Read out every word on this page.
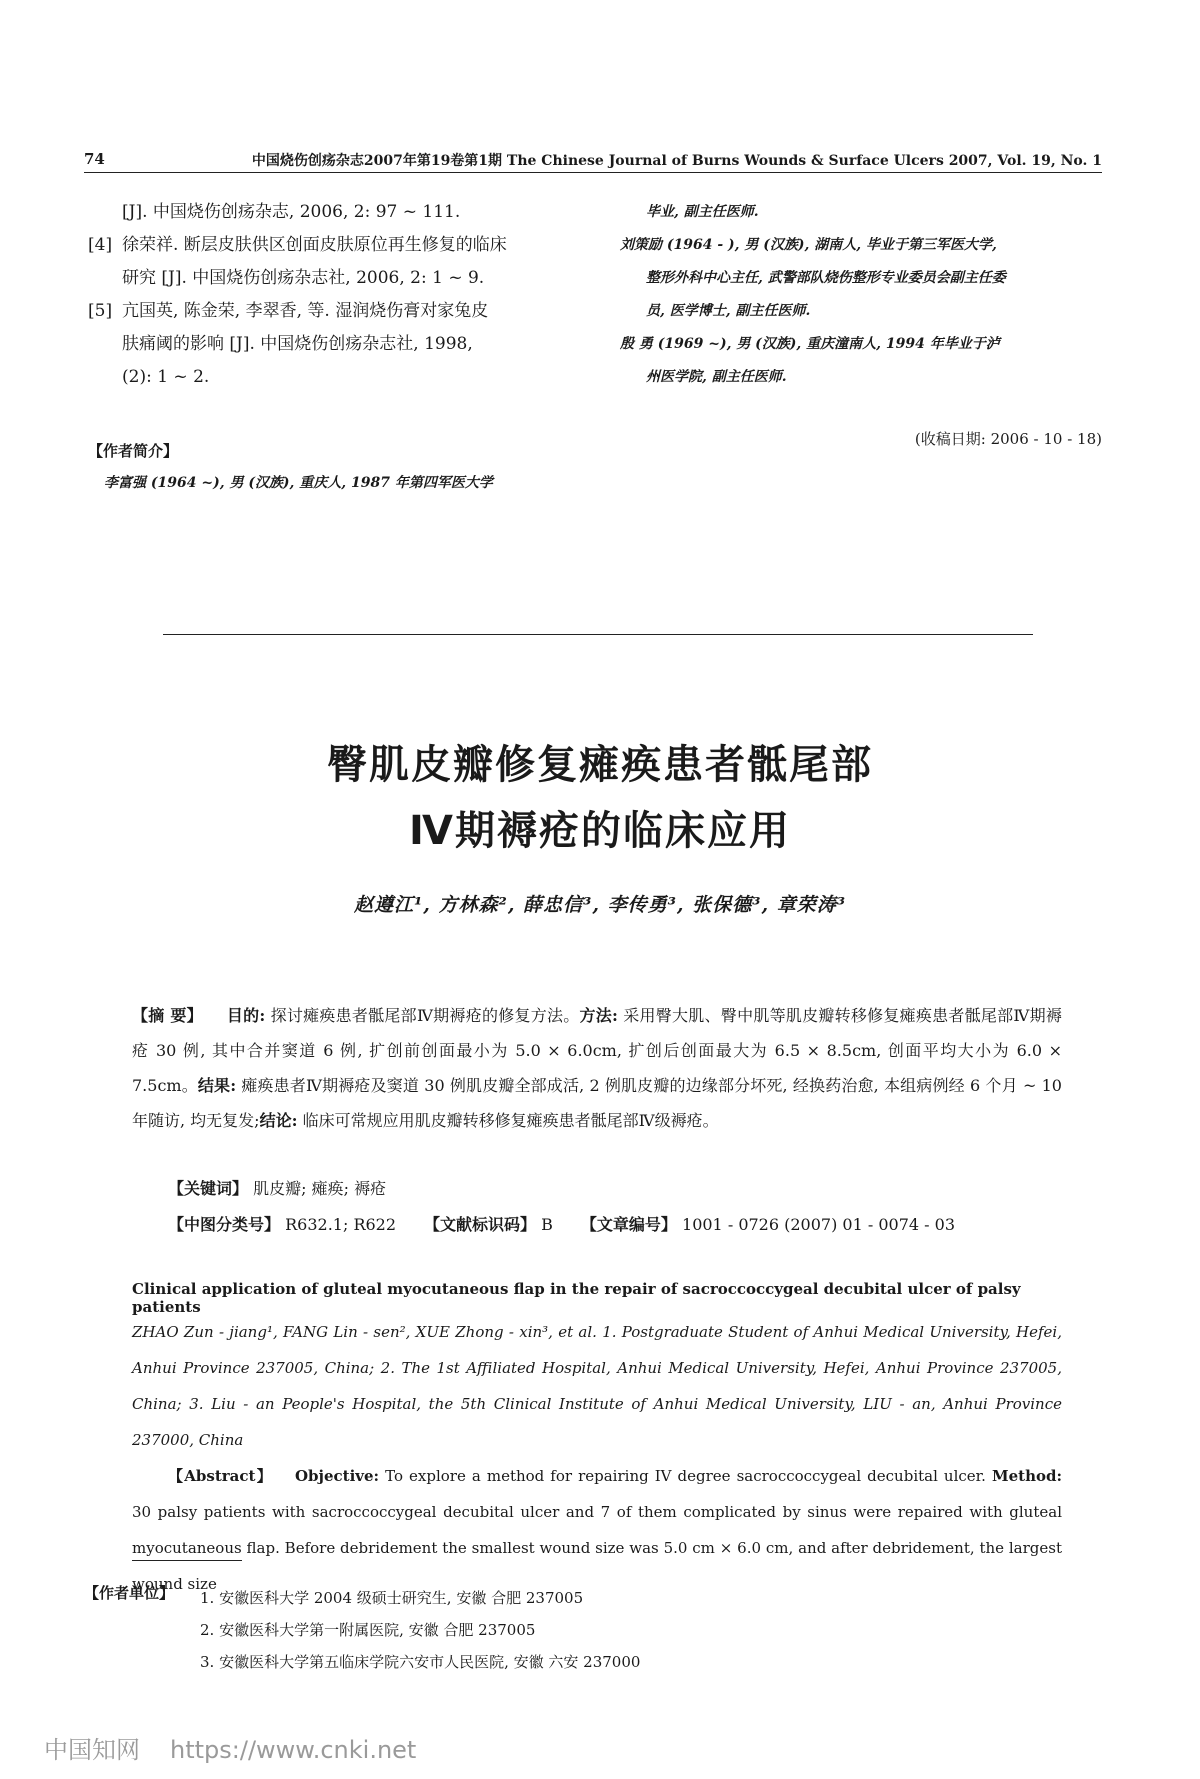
74	中国烧伤创疡杂志2007年第19卷第1期 The Chinese Journal of Burns Wounds & Surface Ulcers 2007, Vol. 19, No. 1
[J]. 中国烧伤创疡杂志, 2006, 2: 97 ~ 111.
[4] 徐荣祥. 断层皮肤供区创面皮肤原位再生修复的临床
研究 [J]. 中国烧伤创疡杂志社, 2006, 2: 1 ~ 9.
[5] 亢国英, 陈金荣, 李翠香, 等. 湿润烧伤膏对家兔皮
肤痛阈的影响 [J]. 中国烧伤创疡杂志社, 1998,
(2): 1 ~ 2.
【作者简介】
李富强 (1964 ~), 男 (汉族), 重庆人, 1987 年第四军医大学
毕业, 副主任医师.
刘策励 (1964 - ), 男 (汉族), 湖南人, 毕业于第三军医大学,
整形外科中心主任, 武警部队烧伤整形专业委员会副主任委
员, 医学博士, 副主任医师.
殷 勇 (1969 ~), 男 (汉族), 重庆潼南人, 1994 年毕业于泸
州医学院, 副主任医师.
(收稿日期: 2006 - 10 - 18)
臀肌皮瓣修复瘫痪患者骶尾部
Ⅳ期褥疮的临床应用
赵遵江¹, 方林森², 薛忠信³, 李传勇³, 张保德³, 章荣涛³
【摘 要】 目的: 探讨瘫痪患者骶尾部Ⅳ期褥疮的修复方法。方法: 采用臀大肌、臀中肌等肌皮瓣转移修复瘫痪患者骶尾部Ⅳ期褥疮 30 例, 其中合并窦道 6 例, 扩创前创面最小为 5.0 × 6.0cm, 扩创后创面最大为 6.5 × 8.5cm, 创面平均大小为 6.0 × 7.5cm。结果: 瘫痪患者Ⅳ期褥疮及窦道 30 例肌皮瓣全部成活, 2 例肌皮瓣的边缘部分坏死, 经换药治愈, 本组病例经 6 个月 ~ 10 年随访, 均无复发;结论: 临床可常规应用肌皮瓣转移修复瘫痪患者骶尾部Ⅳ级褥疮。
【关键词】 肌皮瓣; 瘫痪; 褥疮
【中图分类号】 R632.1; R622 【文献标识码】 B 【文章编号】 1001 - 0726 (2007) 01 - 0074 - 03
Clinical application of gluteal myocutaneous flap in the repair of sacroccoccygeal decubital ulcer of palsy patients
ZHAO Zun - jiang¹, FANG Lin - sen², XUE Zhong - xin³, et al. 1. Postgraduate Student of Anhui Medical University, Hefei, Anhui Province 237005, China; 2. The 1st Affiliated Hospital, Anhui Medical University, Hefei, Anhui Province 237005, China; 3. Liu - an People's Hospital, the 5th Clinical Institute of Anhui Medical University, LIU - an, Anhui Province 237000, China
【Abstract】 Objective: To explore a method for repairing IV degree sacroccoccygeal decubital ulcer. Method: 30 palsy patients with sacroccoccygeal decubital ulcer and 7 of them complicated by sinus were repaired with gluteal myocutaneous flap. Before debridement the smallest wound size was 5.0 cm × 6.0 cm, and after debridement, the largest wound size
【作者单位】 1. 安徽医科大学 2004 级硕士研究生, 安徽 合肥 237005
2. 安徽医科大学第一附属医院, 安徽 合肥 237005
3. 安徽医科大学第五临床学院六安市人民医院, 安徽 六安 237000
中国知网 https://www.cnki.net
